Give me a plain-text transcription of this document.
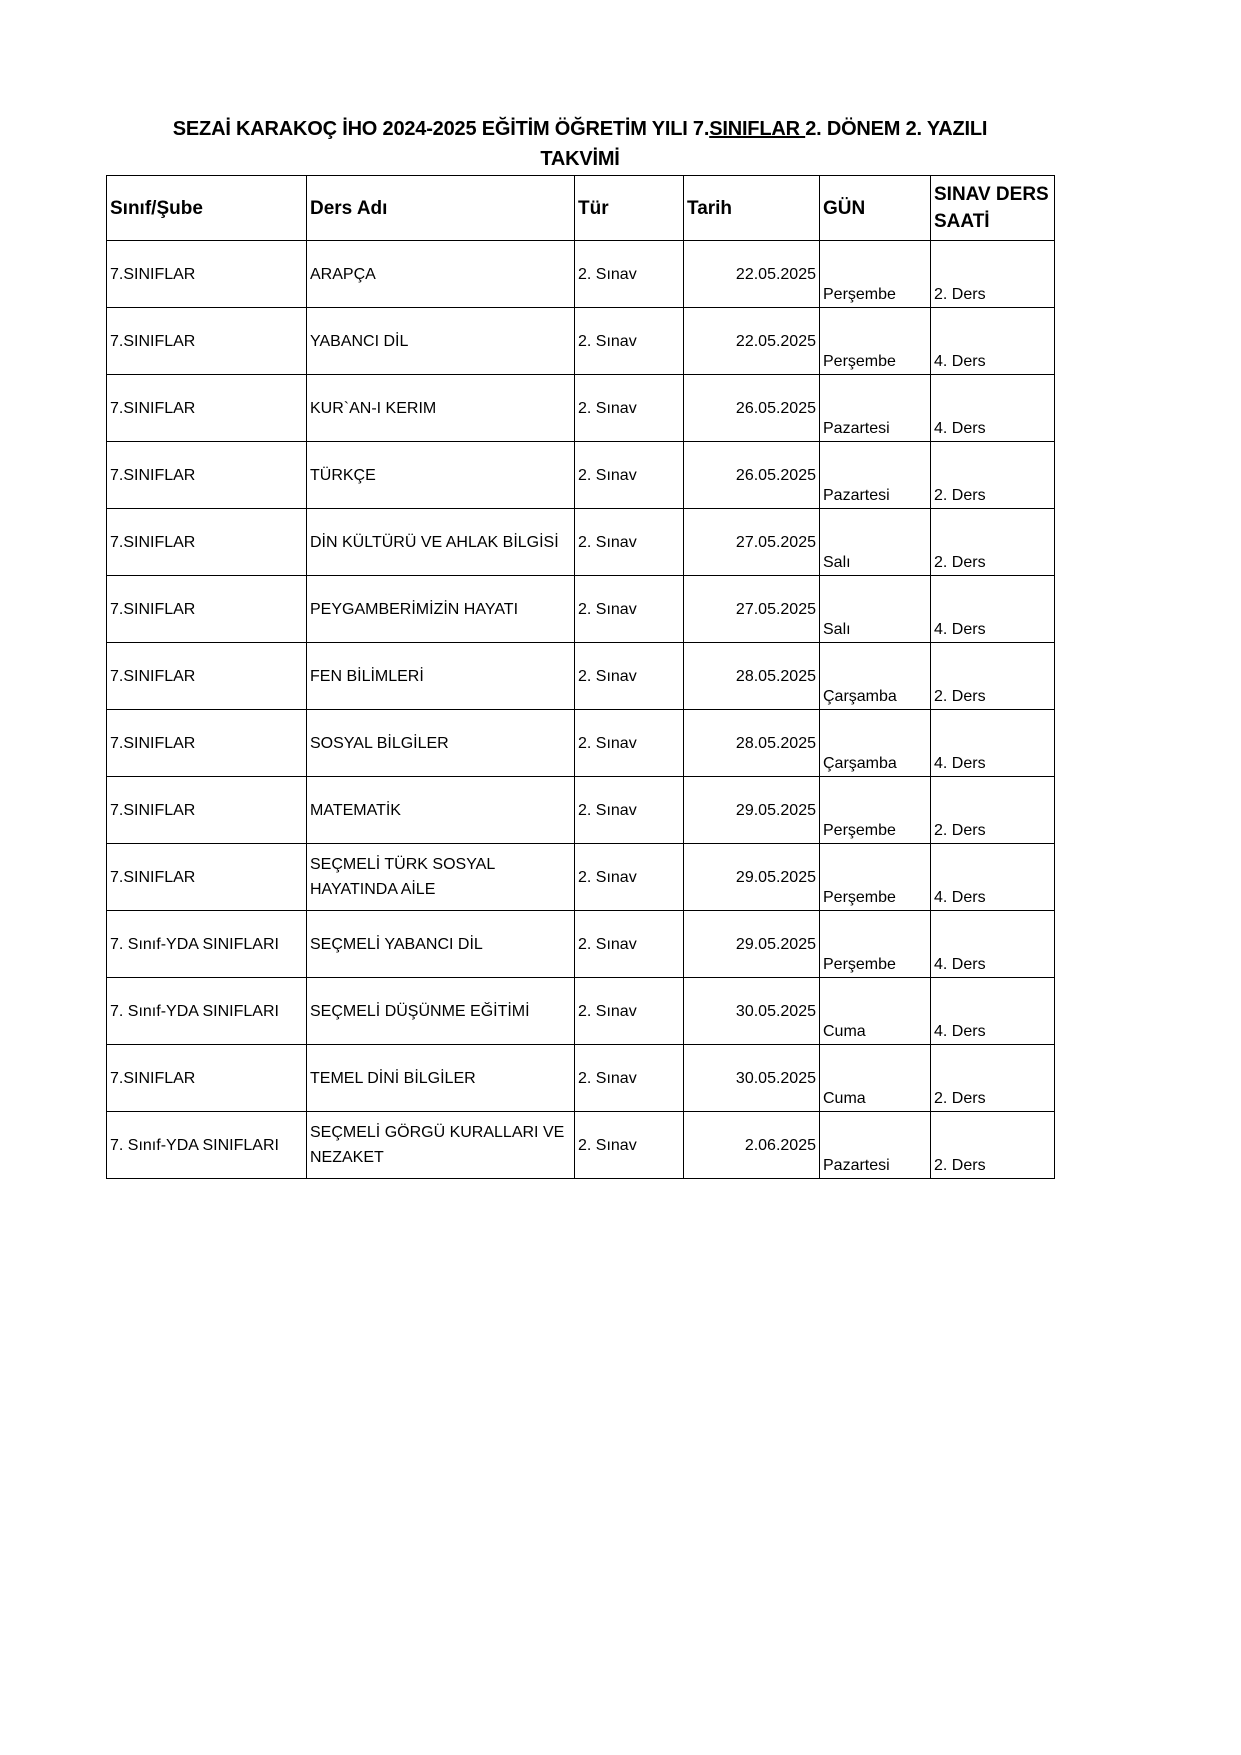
SEZAİ KARAKOÇ İHO 2024-2025 EĞİTİM ÖĞRETİM YILI 7.SINIFLAR 2. DÖNEM 2. YAZILI
TAKVİMİ
Sınıf/Şube	Ders Adı	Tür	Tarih	GÜN	SINAV DERS
SAATİ
7.SINIFLAR	ARAPÇA	2. Sınav	22.05.2025	Perşembe	2. Ders
7.SINIFLAR	YABANCI DİL	2. Sınav	22.05.2025	Perşembe	4. Ders
7.SINIFLAR	KUR`AN-I KERIM	2. Sınav	26.05.2025	Pazartesi	4. Ders
7.SINIFLAR	TÜRKÇE	2. Sınav	26.05.2025	Pazartesi	2. Ders
7.SINIFLAR	DİN KÜLTÜRÜ VE AHLAK BİLGİSİ	2. Sınav	27.05.2025	Salı	2. Ders
7.SINIFLAR	PEYGAMBERİMİZİN HAYATI	2. Sınav	27.05.2025	Salı	4. Ders
7.SINIFLAR	FEN BİLİMLERİ	2. Sınav	28.05.2025	Çarşamba	2. Ders
7.SINIFLAR	SOSYAL BİLGİLER	2. Sınav	28.05.2025	Çarşamba	4. Ders
7.SINIFLAR	MATEMATİK	2. Sınav	29.05.2025	Perşembe	2. Ders
7.SINIFLAR	SEÇMELİ TÜRK SOSYAL HAYATINDA AİLE	2. Sınav	29.05.2025	Perşembe	4. Ders
7. Sınıf-YDA SINIFLARI	SEÇMELİ YABANCI DİL	2. Sınav	29.05.2025	Perşembe	4. Ders
7. Sınıf-YDA SINIFLARI	SEÇMELİ DÜŞÜNME EĞİTİMİ	2. Sınav	30.05.2025	Cuma	4. Ders
7.SINIFLAR	TEMEL DİNİ BİLGİLER	2. Sınav	30.05.2025	Cuma	2. Ders
7. Sınıf-YDA SINIFLARI	SEÇMELİ GÖRGÜ KURALLARI VE NEZAKET	2. Sınav	2.06.2025	Pazartesi	2. Ders
